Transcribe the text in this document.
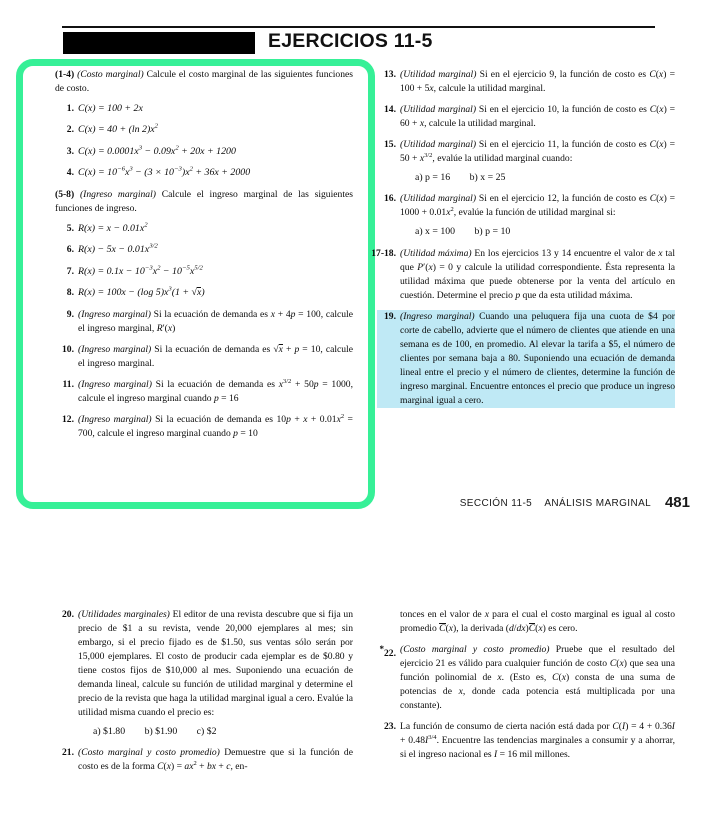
EJERCICIOS 11-5
(1-4) (Costo marginal) Calcule el costo marginal de las siguientes funciones de costo.
1. C(x) = 100 + 2x
2. C(x) = 40 + (ln $2)x^2$
3. $C(x) = 0.0001x^3 - 0.09x^2 + 20x + 1200$
4. $C(x) = 10^{-6}x^3 - (3 \times 10^{-3})x^2 + 36x + 2000$
(5-8) (Ingreso marginal) Calcule el ingreso marginal de las siguientes funciones de ingreso.
5. $R(x) = x - 0.01x^2$
6. $R(x) - 5x - 0.01x^{3/2}$
7. $R(x) = 0.1x - 10^{-3}x^2 - 10^{-5}x^{5/2}$
8. R(x) = 100x − (log $5)x^3(1 + √x)$
9. (Ingreso marginal) Si la ecuación de demanda es x + 4p = 100, calcule el ingreso marginal, R′(x)
10. (Ingreso marginal) Si la ecuación de demanda es √x + p = 10, calcule el ingreso marginal.
11. (Ingreso marginal) Si la ecuación de demanda es $x^{3/2} + 50p = 1000$, calcule el ingreso marginal cuando p = 16
12. (Ingreso marginal) Si la ecuación de demanda es $10p + x + 0.01x^2 = 700$, calcule el ingreso marginal cuando p = 10
13. (Utilidad marginal) Si en el ejercicio 9, la función de costo es C(x) = 100 + 5x, calcule la utilidad marginal.
14. (Utilidad marginal) Si en el ejercicio 10, la función de costo es C(x) = 60 + x, calcule la utilidad marginal.
15. (Utilidad marginal) Si en el ejercicio 11, la función de costo es $C(x) = 50 + x^{3/2}$, evalúe la utilidad marginal cuando:
a) p = 16 b) x = 25
16. (Utilidad marginal) Si en el ejercicio 12, la función de costo es $C(x) = 1000 + 0.01x^2$, evalúe la función de utilidad marginal si:
a) x = 100 b) p = 10
17-18. (Utilidad máxima) En los ejercicios 13 y 14 encuentre el valor de x tal que P′(x) = 0 y calcule la utilidad correspondiente. Ésta representa la utilidad máxima que puede obtenerse por la venta del artículo en cuestión. Determine el precio p que da esta utilidad máxima.
19. (Ingreso marginal) Cuando una peluquera fija una cuota de $4 por corte de cabello, advierte que el número de clientes que atiende en una semana es de 100, en promedio. Al elevar la tarifa a $5, el número de clientes por semana baja a 80. Suponiendo una ecuación de demanda lineal entre el precio y el número de clientes, determine la función de ingreso marginal. Encuentre entonces el precio que produce un ingreso marginal igual a cero.
SECCIÓN 11-5 ANÁLISIS MARGINAL 481
20. (Utilidades marginales) El editor de una revista descubre que si fija un precio de $1 a su revista, vende 20,000 ejemplares al mes; sin embargo, si el precio fijado es de $1.50, sus ventas sólo serán por 15,000 ejemplares. El costo de producir cada ejemplar es de $0.80 y tiene costos fijos de $10,000 al mes. Suponiendo una ecuación de demanda lineal, calcule su función de utilidad marginal y determine el precio de la revista que haga la utilidad marginal igual a cero. Evalúe la utilidad misma cuando el precio es:
a) $1.80 b) $1.90 c) $2
21. (Costo marginal y costo promedio) Demuestre que si la función de costo es de la forma $C(x) = ax^2$ + bx + c, en-
tonces en el valor de x para el cual el costo marginal es igual al costo promedio C(x), la derivada (d/dx)C(x) es cero.
*22. (Costo marginal y costo promedio) Pruebe que el resultado del ejercicio 21 es válido para cualquier función de costo C(x) que sea una función polinomial de x. (Esto es, C(x) consta de una suma de potencias de x, donde cada potencia está multiplicada por una constante).
23. La función de consumo de cierta nación está dada por $C(I) = 4 + 0.36I + 0.48I^{3/4}$. Encuentre las tendencias marginales a consumir y a ahorrar, si el ingreso nacional es I = 16 mil millones.
